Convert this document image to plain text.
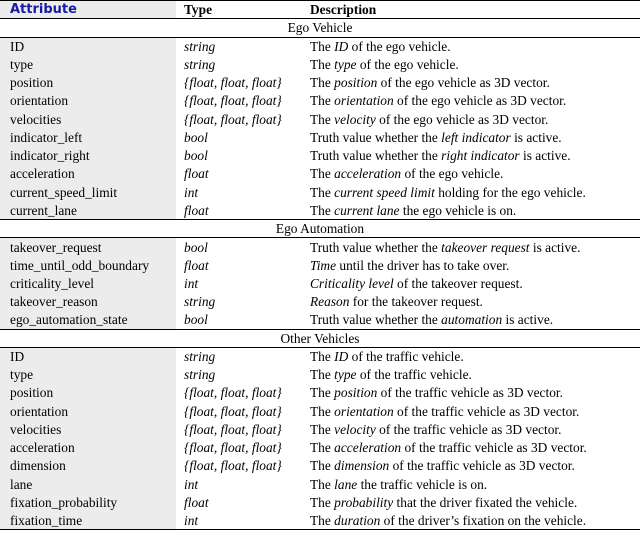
Attribute	Type	Description
Ego Vehicle		
ID	string	The ID of the ego vehicle.
type	string	The type of the ego vehicle.
position	{float, float, float}	The position of the ego vehicle as 3D vector.
orientation	{float, float, float}	The orientation of the ego vehicle as 3D vector.
velocities	{float, float, float}	The velocity of the ego vehicle as 3D vector.
indicator_left	bool	Truth value whether the left indicator is active.
indicator_right	bool	Truth value whether the right indicator is active.
acceleration	float	The acceleration of the ego vehicle.
current_speed_limit	int	The current speed limit holding for the ego vehicle.
current_lane	float	The current lane the ego vehicle is on.
Ego Automation		
takeover_request	bool	Truth value whether the takeover request is active.
time_until_odd_boundary	float	Time until the driver has to take over.
criticality_level	int	Criticality level of the takeover request.
takeover_reason	string	Reason for the takeover request.
ego_automation_state	bool	Truth value whether the automation is active.
Other Vehicles		
ID	string	The ID of the traffic vehicle.
type	string	The type of the traffic vehicle.
position	{float, float, float}	The position of the traffic vehicle as 3D vector.
orientation	{float, float, float}	The orientation of the traffic vehicle as 3D vector.
velocities	{float, float, float}	The velocity of the traffic vehicle as 3D vector.
acceleration	{float, float, float}	The acceleration of the traffic vehicle as 3D vector.
dimension	{float, float, float}	The dimension of the traffic vehicle as 3D vector.
lane	int	The lane the traffic vehicle is on.
fixation_probability	float	The probability that the driver fixated the vehicle.
fixation_time	int	The duration of the driver’s fixation on the vehicle.
